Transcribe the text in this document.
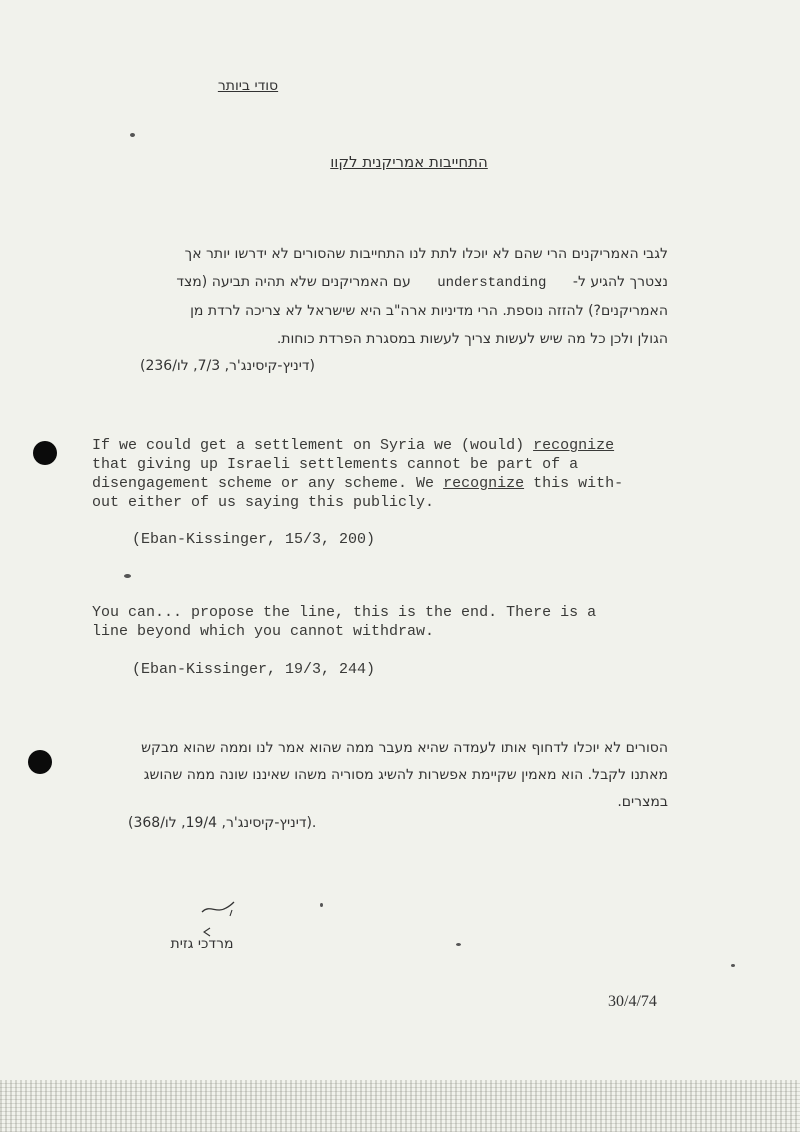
סודי ביותר
התחייבות אמריקנית לקוו
לגבי האמריקנים הרי שהם לא יוכלו לתת לנו התחייבות שהסורים לא ידרשו יותר אך
נצטרך להגיע ל- understanding עם האמריקנים שלא תהיה תביעה (מצד
האמריקנים?) להזזה נוספת. הרי מדיניות ארה"ב היא שישראל לא צריכה לרדת מן
הגולן ולכן כל מה שיש לעשות צריך לעשות במסגרת הפרדת כוחות.
(דיניץ-קיסינג'ר, 7/3, לו/236)

If we could get a settlement on Syria we (would) recognize

that giving up Israeli settlements cannot be part of a

disengagement scheme or any scheme. We recognize this with-

out either of us saying this publicly.

(Eban-Kissinger, 15/3, 200)

You can... propose the line, this is the end. There is a

line beyond which you cannot withdraw.

(Eban-Kissinger, 19/3, 244)
הסורים לא יוכלו לדחוף אותו לעמדה שהיא מעבר ממה שהוא אמר לנו וממה שהוא מבקש
מאתנו לקבל. הוא מאמין שקיימת אפשרות להשיג מסוריה משהו שאיננו שונה ממה שהושג
במצרים.
.(דיניץ-קיסינג'ר, 19/4, לו/368)
מרדכי גזית
30/4/74
